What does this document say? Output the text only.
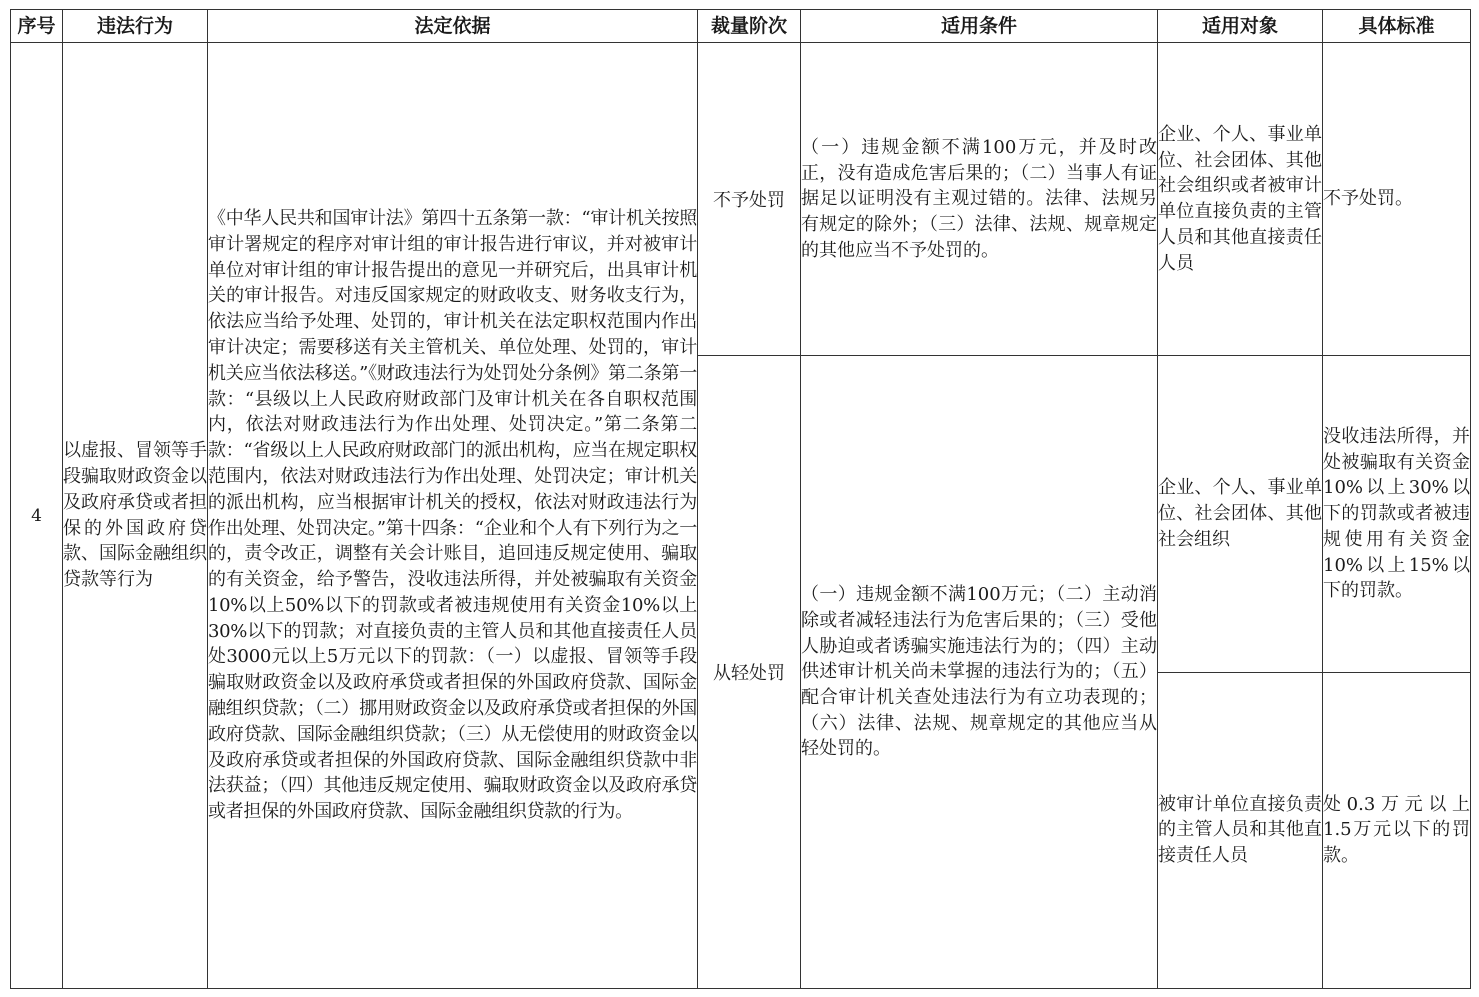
序号	违法行为	法定依据	裁量阶次	适用条件	适用对象	具体标准
4	以虚报、冒领等手段骗取财政资金以及政府承贷或者担保的外国政府贷款、国际金融组织贷款等行为	《中华人民共和国审计法》第四十五条第一款：“审计机关按照审计署规定的程序对审计组的审计报告进行审议，并对被审计单位对审计组的审计报告提出的意见一并研究后，出具审计机关的审计报告。对违反国家规定的财政收支、财务收支行为，依法应当给予处理、处罚的，审计机关在法定职权范围内作出审计决定；需要移送有关主管机关、单位处理、处罚的，审计机关应当依法移送。”《财政违法行为处罚处分条例》第二条第一款：“县级以上人民政府财政部门及审计机关在各自职权范围内，依法对财政违法行为作出处理、处罚决定。”第二条第二款：“省级以上人民政府财政部门的派出机构，应当在规定职权范围内，依法对财政违法行为作出处理、处罚决定；审计机关的派出机构，应当根据审计机关的授权，依法对财政违法行为作出处理、处罚决定。”第十四条：“企业和个人有下列行为之一的，责令改正，调整有关会计账目，追回违反规定使用、骗取的有关资金，给予警告，没收违法所得，并处被骗取有关资金10%以上50%以下的罚款或者被违规使用有关资金10%以上30%以下的罚款；对直接负责的主管人员和其他直接责任人员处3000元以上5万元以下的罚款：（一）以虚报、冒领等手段骗取财政资金以及政府承贷或者担保的外国政府贷款、国际金融组织贷款；（二）挪用财政资金以及政府承贷或者担保的外国政府贷款、国际金融组织贷款；（三）从无偿使用的财政资金以及政府承贷或者担保的外国政府贷款、国际金融组织贷款中非法获益；（四）其他违反规定使用、骗取财政资金以及政府承贷或者担保的外国政府贷款、国际金融组织贷款的行为。	不予处罚	（一）违规金额不满100万元，并及时改正，没有造成危害后果的；（二）当事人有证据足以证明没有主观过错的。法律、法规另有规定的除外；（三）法律、法规、规章规定的其他应当不予处罚的。	企业、个人、事业单位、社会团体、其他社会组织或者被审计单位直接负责的主管人员和其他直接责任人员	不予处罚。
			从轻处罚	（一）违规金额不满100万元；（二）主动消除或者减轻违法行为危害后果的；（三）受他人胁迫或者诱骗实施违法行为的；（四）主动供述审计机关尚未掌握的违法行为的；（五）配合审计机关查处违法行为有立功表现的；（六）法律、法规、规章规定的其他应当从轻处罚的。	企业、个人、事业单位、社会团体、其他社会组织	没收违法所得，并处被骗取有关资金10%以上30%以下的罚款或者被违规使用有关资金10%以上15%以下的罚款。
					被审计单位直接负责的主管人员和其他直接责任人员	处0.3万元以上1.5万元以下的罚款。
